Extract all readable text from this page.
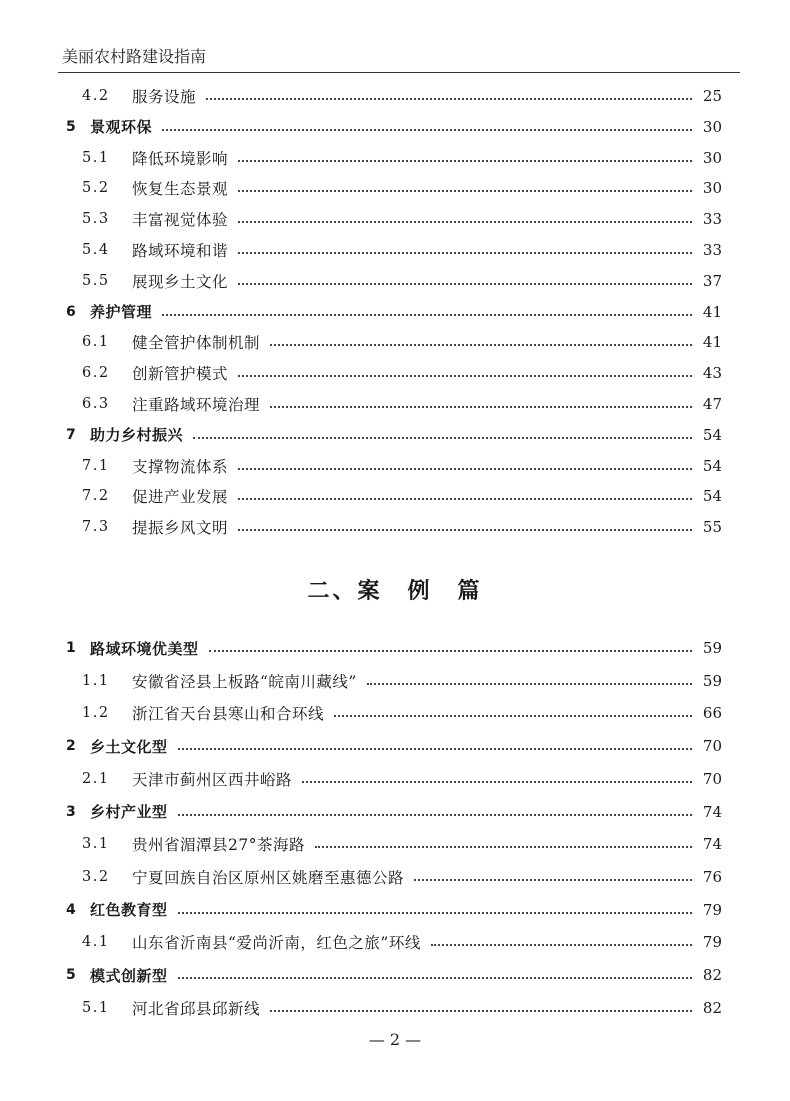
美丽农村路建设指南
4.2	服务设施	25
5 景观环保	30
5.1	降低环境影响	30
5.2	恢复生态景观	30
5.3	丰富视觉体验	33
5.4	路域环境和谐	33
5.5	展现乡土文化	37
6 养护管理	41
6.1	健全管护体制机制	41
6.2	创新管护模式	43
6.3	注重路域环境治理	47
7 助力乡村振兴	54
7.1	支撑物流体系	54
7.2	促进产业发展	54
7.3	提振乡风文明	55
二、案　例　篇
1 路域环境优美型	59
1.1	安徽省泾县上板路“皖南川藏线”	59
1.2	浙江省天台县寒山和合环线	66
2 乡土文化型	70
2.1	天津市蓟州区西井峪路	70
3 乡村产业型	74
3.1	贵州省湄潭县27°茶海路	74
3.2	宁夏回族自治区原州区姚磨至惠德公路	76
4 红色教育型	79
4.1	山东省沂南县“爱尚沂南，红色之旅”环线	79
5 模式创新型	82
5.1	河北省邱县邱新线	82
— 2 —
